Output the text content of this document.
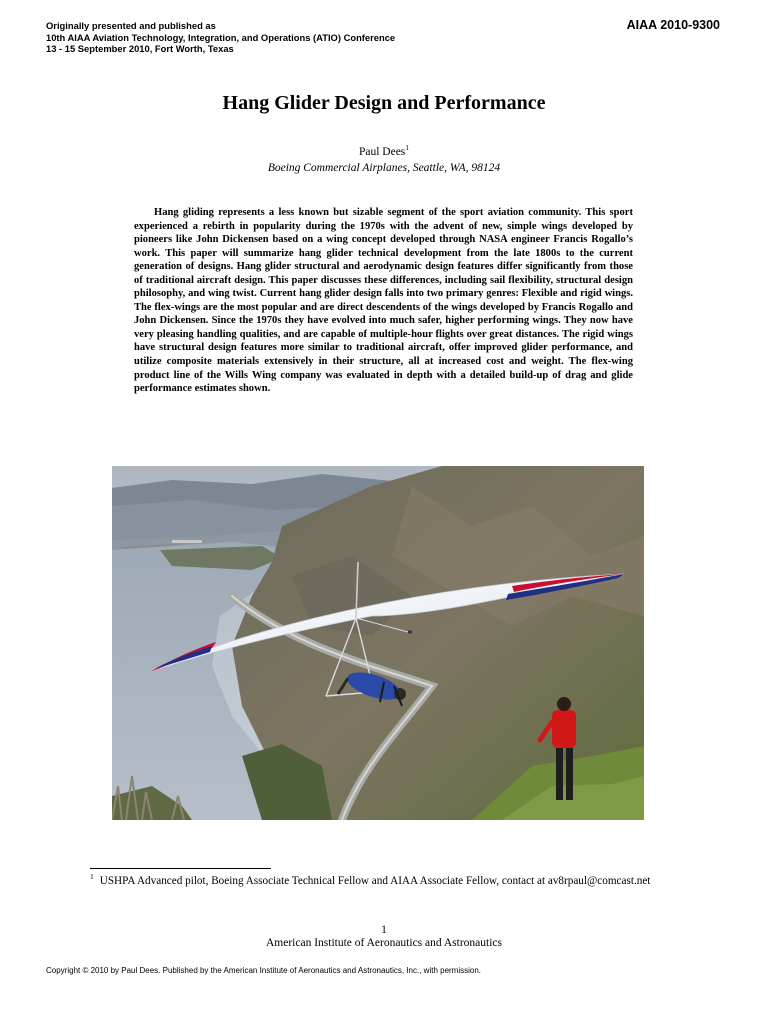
Originally presented and published as
10th AIAA Aviation Technology, Integration, and Operations (ATIO) Conference
13 - 15 September 2010, Fort Worth, Texas
AIAA 2010-9300
Hang Glider Design and Performance
Paul Dees$^1$
Boeing Commercial Airplanes, Seattle, WA, 98124

Hang gliding represents a less known but sizable segment of the sport aviation community. This sport experienced a rebirth in popularity during the 1970s with the advent of new, simple wings developed by pioneers like John Dickensen based on a wing concept developed through NASA engineer Francis Rogallo’s work. This paper will summarize hang glider technical development from the late 1800s to the current generation of designs. Hang glider structural and aerodynamic design features differ significantly from those of traditional aircraft design. This paper discusses these differences, including sail flexibility, structural design philosophy, and wing twist. Current hang glider design falls into two primary genres: Flexible and rigid wings. The flex-wings are the most popular and are direct descendents of the wings developed by Francis Rogallo and John Dickensen. Since the 1970s they have evolved into much safer, higher performing wings. They now have very pleasing handling qualities, and are capable of multiple-hour flights over great distances. The rigid wings have structural design features more similar to traditional aircraft, offer improved glider performance, and utilize composite materials extensively in their structure, all at increased cost and weight. The flex-wing product line of the Wills Wing company was evaluated in depth with a detailed build-up of drag and glide performance estimates shown.

$^1$ USHPA Advanced pilot, Boeing Associate Technical Fellow and AIAA Associate Fellow, contact at av8rpaul@comcast.net

1
American Institute of Aeronautics and Astronautics
Copyright © 2010 by Paul Dees. Published by the American Institute of Aeronautics and Astronautics, Inc., with permission.
